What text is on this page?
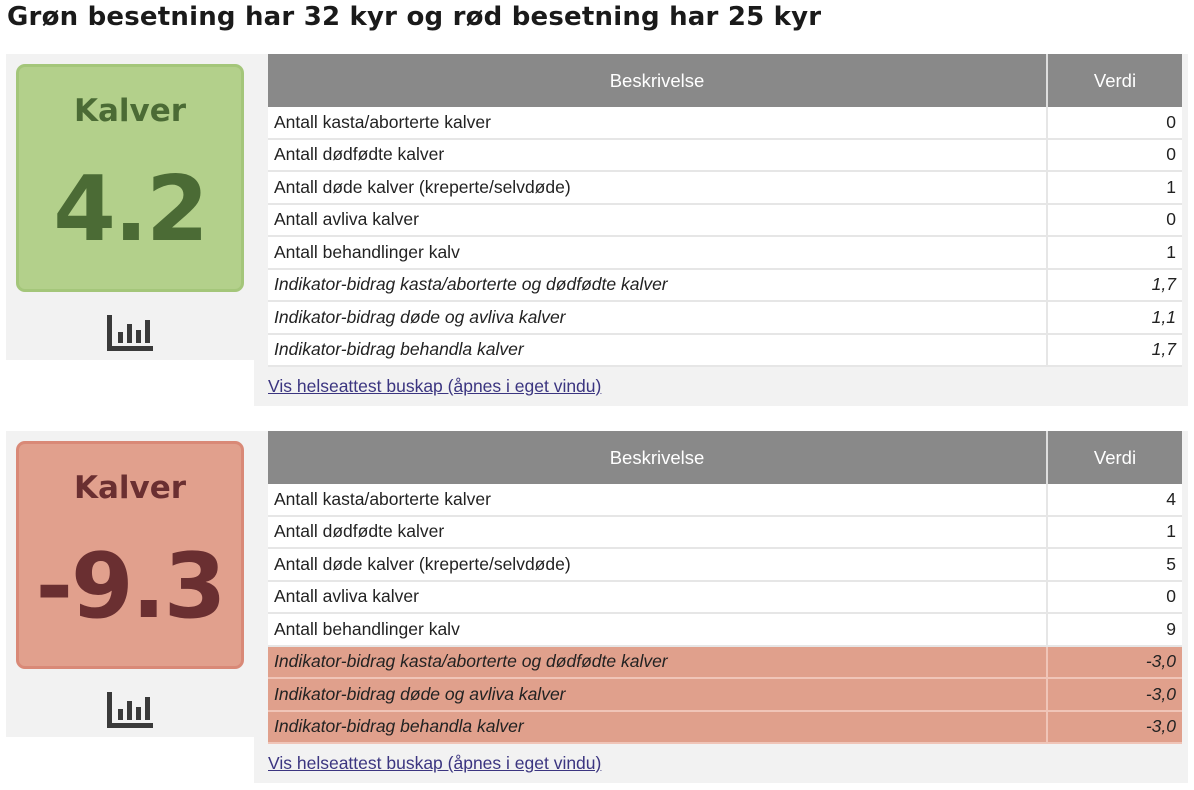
Grøn besetning har 32 kyr og rød besetning har 25 kyr
Kalver
4.2
Beskrivelse	Verdi
Antall kasta/aborterte kalver	0
Antall dødfødte kalver	0
Antall døde kalver (kreperte/selvdøde)	1
Antall avliva kalver	0
Antall behandlinger kalv	1
Indikator-bidrag kasta/aborterte og dødfødte kalver	1,7
Indikator-bidrag døde og avliva kalver	1,1
Indikator-bidrag behandla kalver	1,7
Vis helseattest buskap (åpnes i eget vindu)
Kalver
-9.3
Beskrivelse	Verdi
Antall kasta/aborterte kalver	4
Antall dødfødte kalver	1
Antall døde kalver (kreperte/selvdøde)	5
Antall avliva kalver	0
Antall behandlinger kalv	9
Indikator-bidrag kasta/aborterte og dødfødte kalver	-3,0
Indikator-bidrag døde og avliva kalver	-3,0
Indikator-bidrag behandla kalver	-3,0
Vis helseattest buskap (åpnes i eget vindu)
